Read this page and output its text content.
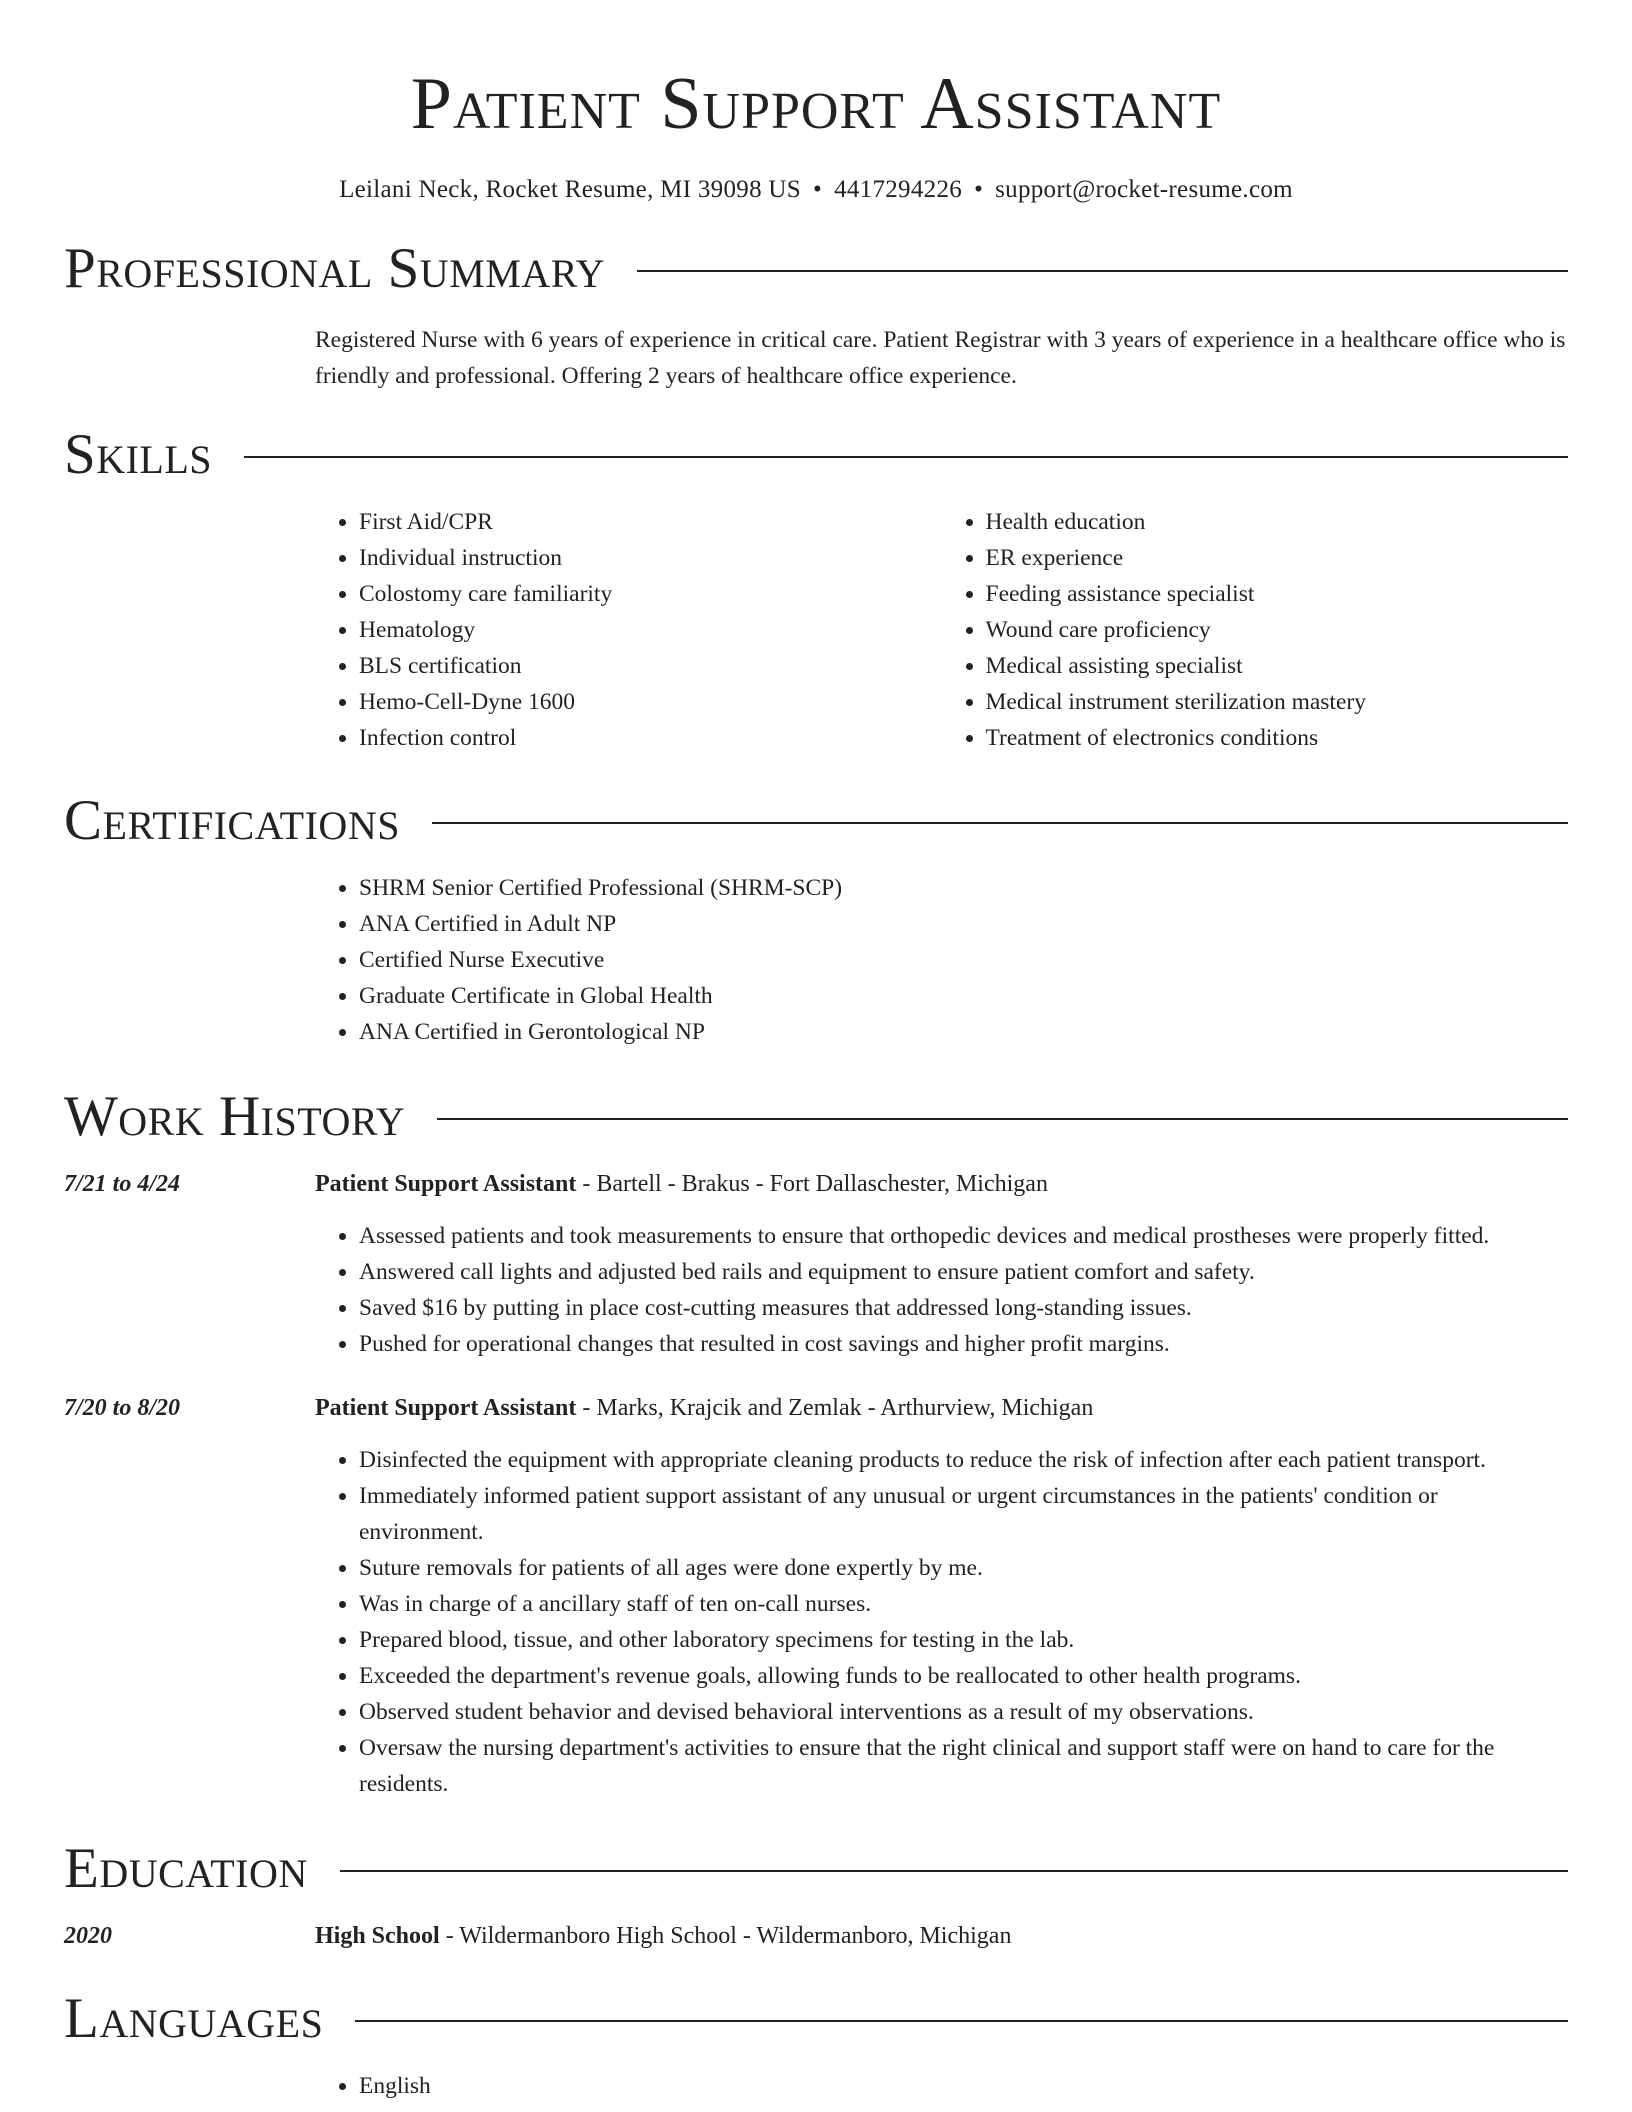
Patient Support Assistant
Leilani Neck, Rocket Resume, MI 39098 US • 4417294226 • support@rocket-resume.com
Professional Summary
Registered Nurse with 6 years of experience in critical care. Patient Registrar with 3 years of experience in a healthcare office who is friendly and professional. Offering 2 years of healthcare office experience.
Skills
• First Aid/CPR
• Individual instruction
• Colostomy care familiarity
• Hematology
• BLS certification
• Hemo-Cell-Dyne 1600
• Infection control
• Health education
• ER experience
• Feeding assistance specialist
• Wound care proficiency
• Medical assisting specialist
• Medical instrument sterilization mastery
• Treatment of electronics conditions
Certifications
• SHRM Senior Certified Professional (SHRM-SCP)
• ANA Certified in Adult NP
• Certified Nurse Executive
• Graduate Certificate in Global Health
• ANA Certified in Gerontological NP
Work History
7/21 to 4/24	Patient Support Assistant - Bartell - Brakus - Fort Dallaschester, Michigan
• Assessed patients and took measurements to ensure that orthopedic devices and medical prostheses were properly fitted.
• Answered call lights and adjusted bed rails and equipment to ensure patient comfort and safety.
• Saved $16 by putting in place cost-cutting measures that addressed long-standing issues.
• Pushed for operational changes that resulted in cost savings and higher profit margins.
7/20 to 8/20	Patient Support Assistant - Marks, Krajcik and Zemlak - Arthurview, Michigan
• Disinfected the equipment with appropriate cleaning products to reduce the risk of infection after each patient transport.
• Immediately informed patient support assistant of any unusual or urgent circumstances in the patients' condition or environment.
• Suture removals for patients of all ages were done expertly by me.
• Was in charge of a ancillary staff of ten on-call nurses.
• Prepared blood, tissue, and other laboratory specimens for testing in the lab.
• Exceeded the department's revenue goals, allowing funds to be reallocated to other health programs.
• Observed student behavior and devised behavioral interventions as a result of my observations.
• Oversaw the nursing department's activities to ensure that the right clinical and support staff were on hand to care for the residents.
Education
2020	High School - Wildermanboro High School - Wildermanboro, Michigan
Languages
• English
